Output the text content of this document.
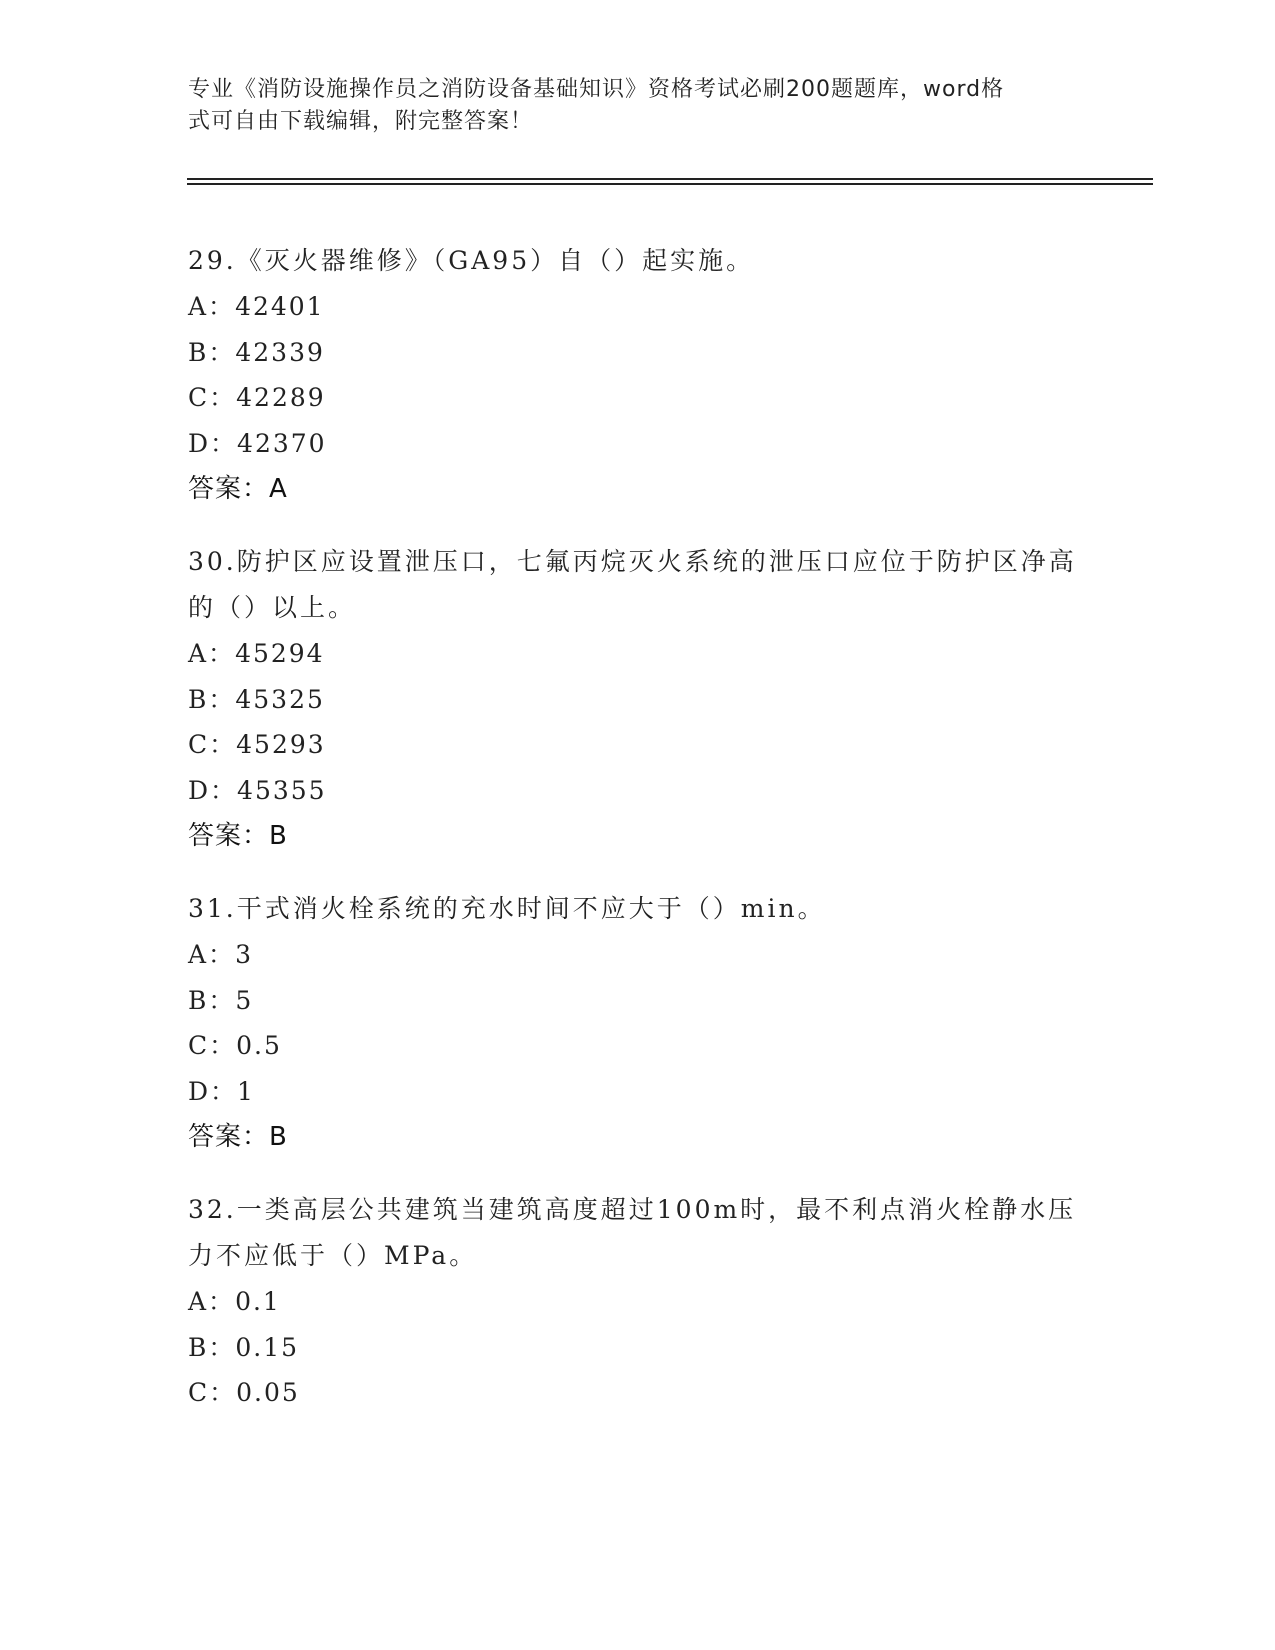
专业《消防设施操作员之消防设备基础知识》资格考试必刷200题题库，word格
式可自由下载编辑，附完整答案！
29.《灭火器维修》（GA95）自（）起实施。
A：42401
B：42339
C：42289
D：42370
答案：A
30.防护区应设置泄压口，七氟丙烷灭火系统的泄压口应位于防护区净高的（）以上。
A：45294
B：45325
C：45293
D：45355
答案：B
31.干式消火栓系统的充水时间不应大于（）min。
A：3
B：5
C：0.5
D：1
答案：B
32.一类高层公共建筑当建筑高度超过100m时，最不利点消火栓静水压力不应低于（）MPa。
A：0.1
B：0.15
C：0.05
